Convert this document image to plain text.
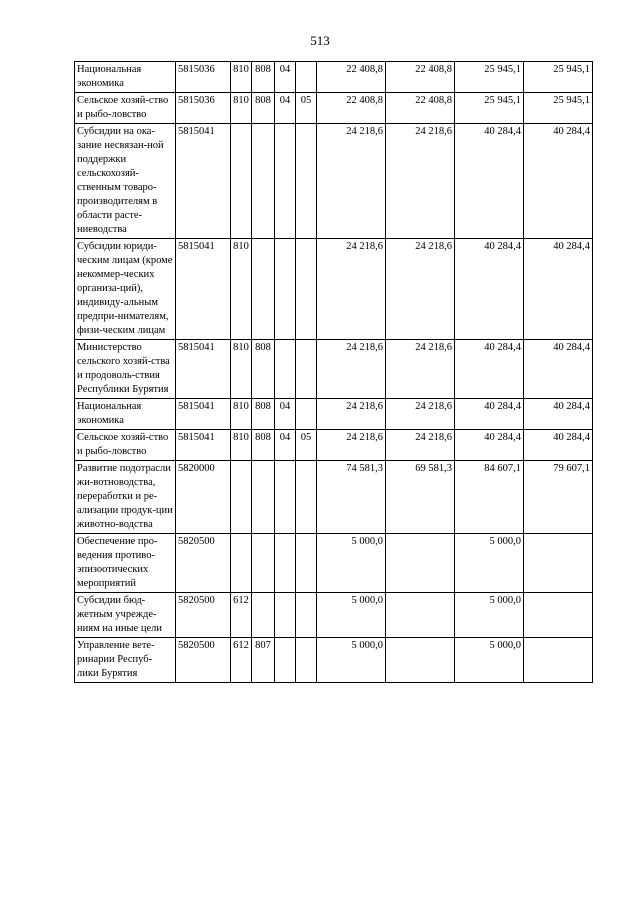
513
Национальная экономика	5815036	810	808	04		22 408,8	22 408,8	25 945,1	25 945,1
Сельское хозяй-ство и рыбо-ловство	5815036	810	808	04	05	22 408,8	22 408,8	25 945,1	25 945,1
Субсидии на ока-зание несвязан-ной поддержки сельскохозяй-ственным товаро-производителям в области расте-ниеводства	5815041					24 218,6	24 218,6	40 284,4	40 284,4
Субсидии юриди-ческим лицам (кроме некоммер-ческих организа-ций), индивиду-альным предпри-нимателям, физи-ческим лицам	5815041	810				24 218,6	24 218,6	40 284,4	40 284,4
Министерство сельского хозяй-ства и продоволь-ствия Республики Бурятия	5815041	810	808			24 218,6	24 218,6	40 284,4	40 284,4
Национальная экономика	5815041	810	808	04		24 218,6	24 218,6	40 284,4	40 284,4
Сельское хозяй-ство и рыбо-ловство	5815041	810	808	04	05	24 218,6	24 218,6	40 284,4	40 284,4
Развитие подотрасли жи-вотноводства, переработки и ре-ализации продук-ции животно-водства	5820000					74 581,3	69 581,3	84 607,1	79 607,1
Обеспечение про-ведения противо-эпизоотических мероприятий	5820500					5 000,0		5 000,0	
Субсидии бюд-жетным учрежде-ниям на иные цели	5820500	612				5 000,0		5 000,0	
Управление вете-ринарии Респуб-лики Бурятия	5820500	612	807			5 000,0		5 000,0	
